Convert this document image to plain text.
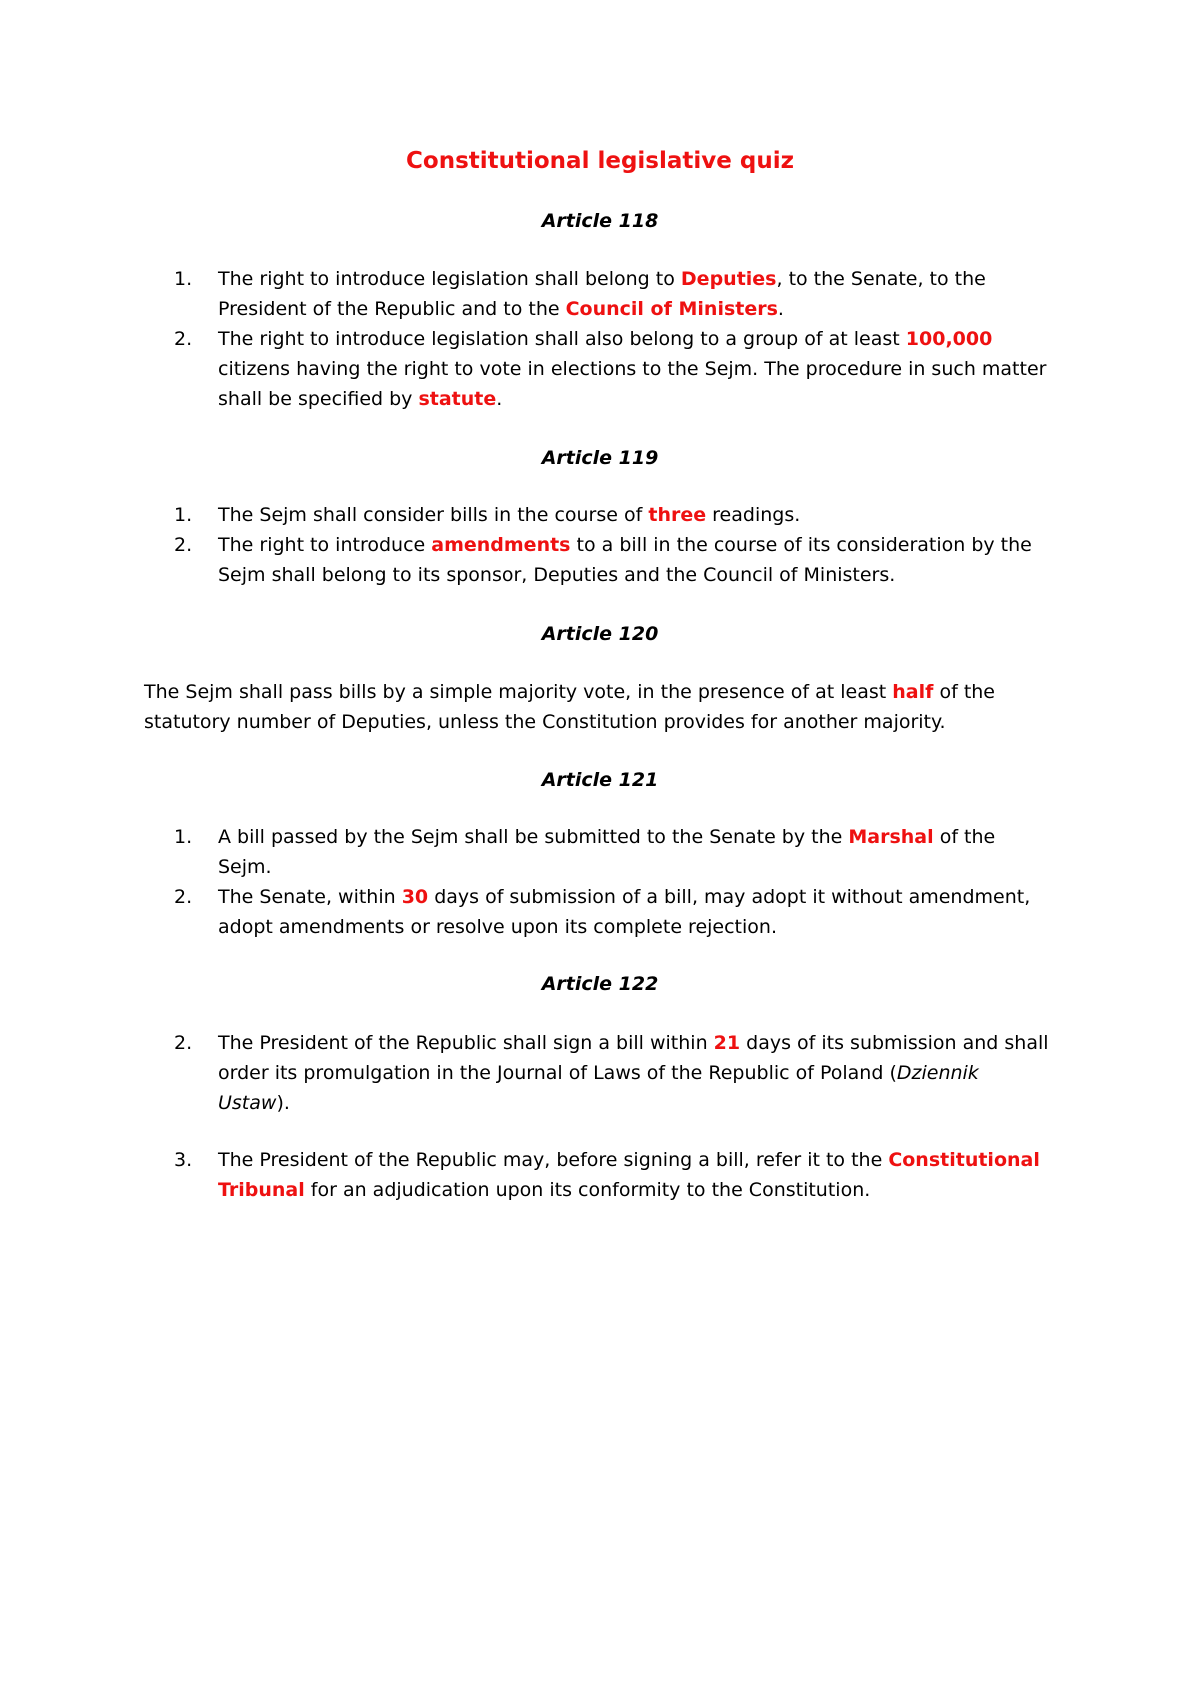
Constitutional legislative quiz
Article 118
1.	The right to introduce legislation shall belong to Deputies, to the Senate, to the President of the Republic and to the Council of Ministers.
2.	The right to introduce legislation shall also belong to a group of at least 100,000 citizens having the right to vote in elections to the Sejm. The procedure in such matter shall be specified by statute.
Article 119
1.	The Sejm shall consider bills in the course of three readings.
2.	The right to introduce amendments to a bill in the course of its consideration by the Sejm shall belong to its sponsor, Deputies and the Council of Ministers.
Article 120
The Sejm shall pass bills by a simple majority vote, in the presence of at least half of the statutory number of Deputies, unless the Constitution provides for another majority.
Article 121
1.	A bill passed by the Sejm shall be submitted to the Senate by the Marshal of the Sejm.
2.	The Senate, within 30 days of submission of a bill, may adopt it without amendment, adopt amendments or resolve upon its complete rejection.
Article 122
2.	The President of the Republic shall sign a bill within 21 days of its submission and shall order its promulgation in the Journal of Laws of the Republic of Poland (Dziennik Ustaw).
3.	The President of the Republic may, before signing a bill, refer it to the Constitutional Tribunal for an adjudication upon its conformity to the Constitution.
